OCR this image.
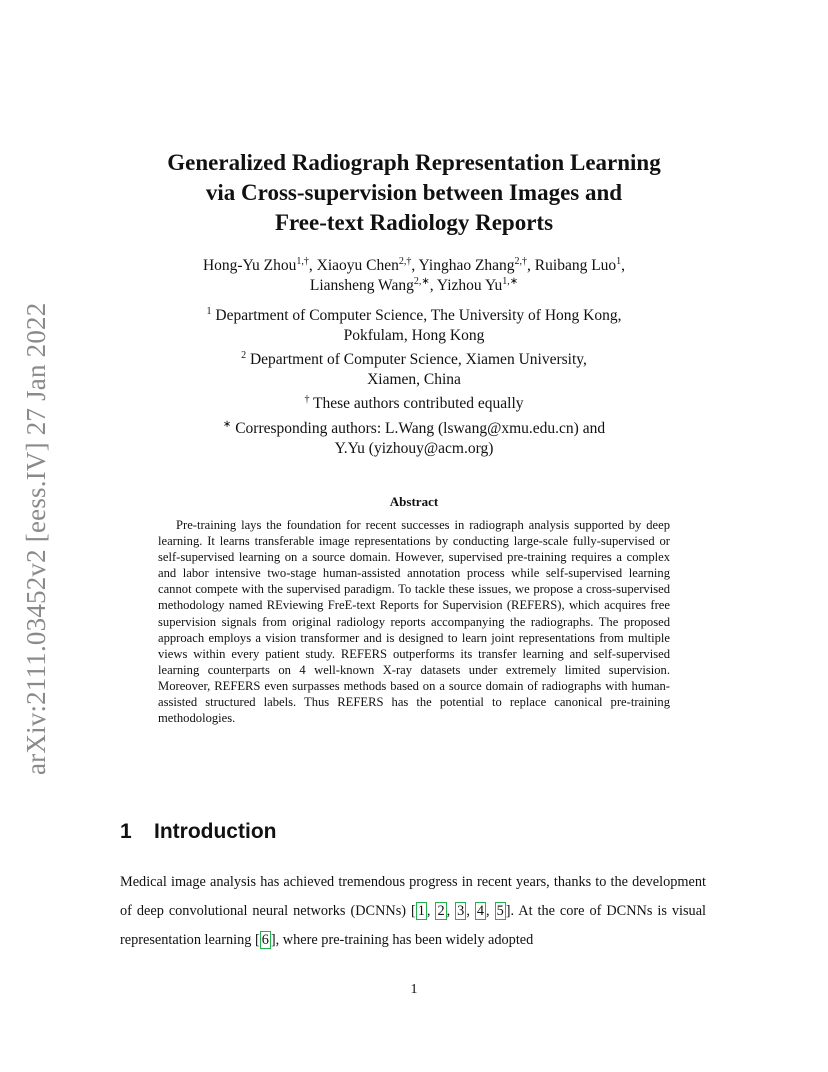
arXiv:2111.03452v2 [eess.IV] 27 Jan 2022
Generalized Radiograph Representation Learning
via Cross-supervision between Images and
Free-text Radiology Reports
Hong-Yu Zhou$^{1,\dagger}$, Xiaoyu Chen$^{2,\dagger}$, Yinghao Zhang$^{2,\dagger}$, Ruibang Luo$^1$,
Liansheng Wang$^{2,∗}$, Yizhou $Yu^{1,∗}$
$^1$ Department of Computer Science, The University of Hong Kong,
Pokfulam, Hong Kong
$^2$ Department of Computer Science, Xiamen University,
Xiamen, China
† These authors contributed equally
∗ Corresponding authors: L.Wang (lswang@xmu.edu.cn) and
Y.Yu (yizhouy@acm.org)
Abstract
Pre-training lays the foundation for recent successes in radiograph analysis supported by deep learning. It learns transferable image representations by conducting large-scale fully-supervised or self-supervised learning on a source domain. However, supervised pre-training requires a complex and labor intensive two-stage human-assisted annotation process while self-supervised learning cannot compete with the supervised paradigm. To tackle these issues, we propose a cross-supervised methodology named REviewing FreE-text Reports for Supervision (REFERS), which acquires free supervision signals from original radiology reports accompanying the radiographs. The proposed approach employs a vision transformer and is designed to learn joint representations from multiple views within every patient study. REFERS outperforms its transfer learning and self-supervised learning counterparts on 4 well-known X-ray datasets under extremely limited supervision. Moreover, REFERS even surpasses methods based on a source domain of radiographs with human-assisted structured labels. Thus REFERS has the potential to replace canonical pre-training methodologies.
1 Introduction
Medical image analysis has achieved tremendous progress in recent years, thanks to the development of deep convolutional neural networks (DCNNs) [ 1 , 2 , 3 , 4 , 5 ]. At the core of DCNNs is visual representation learning [ 6 ], where pre-training has been widely adopted
1
